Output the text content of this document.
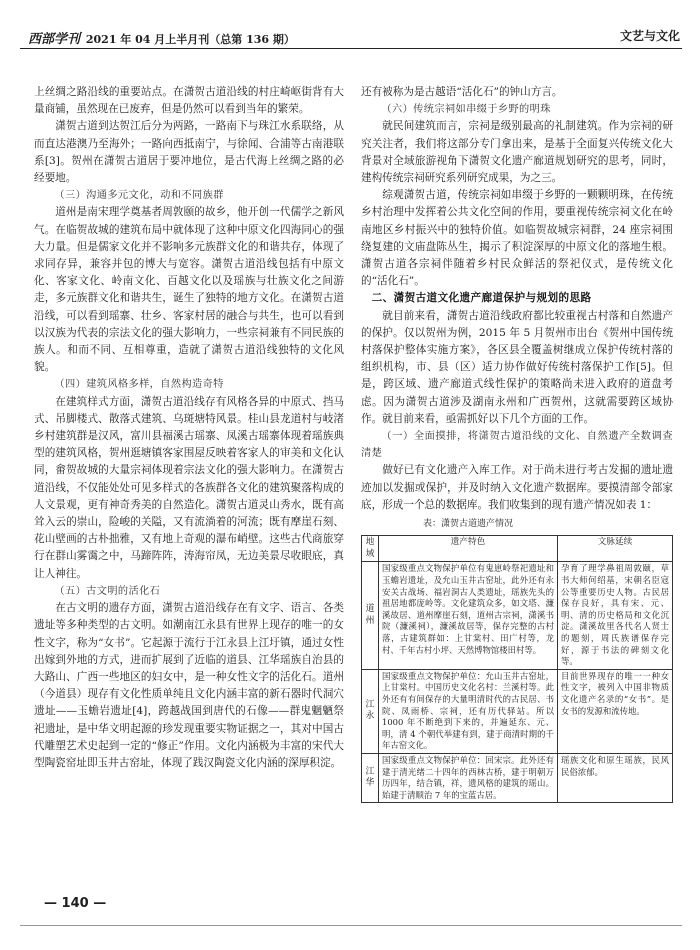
西部学刊 2021 年 04 月上半月刊（总第 136 期）	文艺与文化

上丝绸之路沿线的重要站点。在潇贺古道沿线的村庄崎岖街背有大量商铺，虽然现在已废弃，但是仍然可以看到当年的繁荣。

潇贺古道到达贺江后分为两路，一路南下与珠江水系联络，从而直达港澳乃至海外；一路向西抵南宁，与徐闻、合浦等古南港联系[3]。贺州在潇贺古道居于要冲地位，是古代海上丝绸之路的必经要地。

（三）沟通多元文化，动和不同族群

道州是南宋理学奠基者周敦颐的故乡，他开创一代儒学之新风气。在临贺故城的建筑布局中就体现了这种中原文化四海同心的强大力量。但是儒家文化并不影响多元族群文化的和谐共存，体现了求同存异，兼容并包的博大与宽容。潇贺古道沿线包括有中原文化、客家文化、岭南文化、百越文化以及瑶族与壮族文化之间游走，多元族群文化和谐共生，诞生了独特的地方文化。在潇贺古道沿线，可以看到瑶寨、壮乡、客家村居的融合与共生，也可以看到以汉族为代表的宗法文化的强大影响力，一些宗祠兼有不同民族的族人。和而不同、互相尊重，造就了潇贺古道沿线独特的文化风貌。

（四）建筑风格多样，自然构造奇特

在建筑样式方面，潇贺古道沿线存有风格各异的中原式、挡马式、吊脚楼式、散落式建筑、乌斑塘特风景。桂山县龙道村与岐渚乡村建筑群是汉风，富川县福溪古瑶寨、凤溪古瑶寨体现着瑶族典型的建筑风格，贺州逛塘镇客家围屋反映着客家人的审美和文化认同，畲贺故城的大量宗祠体现着宗法文化的强大影响力。在潇贺古道沿线，不仅能处处可见多样式的各族群各文化的建筑聚落构成的人文景观，更有神奇秀美的自然造化。潇贺古道灵山秀水，既有高耸入云的崇山，险峻的关隘，又有流淌着的河流；既有摩崖石刻、花山壁画的古朴拙雅，又有地上奇观的瀑布峭壁。这些古代商旅穿行在群山雾霭之中，马蹄阵阵，涛海帘凤，无边美景尽收眼底，真让人神往。

（五）古文明的活化石

在古文明的遗存方面，潇贺古道沿线存在有文字、语言、各类遗址等多种类型的古文明。如潮南江永县有世界上现存的唯一的女性文字，称为“女书”。它起源于流行于江永县上江圩镇，通过女性出嫁到外地的方式，进而扩展到了近临的道县、江华瑶族自治县的大路山、广西一些地区的妇女中，是一种女性文字的活化石。道州（今道县）现存有文化性质单纯且文化内涵丰富的新石器时代洞穴遗址——玉蟾岩遗址[4]，跨越战国到唐代的石像——群鬼魍魉祭祀遗址，是中华文明起源的珍发现重要实物证据之一，其对中国古代雕塑艺术史起到一定的“修正”作用。文化内涵极为丰富的宋代大型陶瓷窑址即玉井古窑址，体现了践汉陶瓷文化内涵的深厚积淀。

还有被称为是古越语“活化石”的钟山方言。

（六）传统宗祠如串缀于乡野的明珠

就民间建筑而言，宗祠是级别最高的礼制建筑。作为宗祠的研究关注者，我们将这部分专门拿出来，是基于全面复兴传统文化大背景对全域旅游视角下潇贺文化遗产廊道规划研究的思考，同时，建构传统宗祠研究系列研究成果，为之三。

综观潇贺古道，传统宗祠如串缀于乡野的一颗颗明珠，在传统乡村治理中发挥着公共文化空间的作用，要重视传统宗祠文化在岭南地区乡村振兴中的独特价值。如临贺故城宗祠群，24 座宗祠围绕复建的文庙盘陈丛生，揭示了积淀深厚的中原文化的落地生根。潇贺古道各宗祠伴随着乡村民众鲜活的祭祀仪式，是传统文化的“活化石”。

二、潇贺古道文化遗产廊道保护与规划的思路

就目前来看，潇贺古道沿线政府都比较重视古村落和自然遗产的保护。仅以贺州为例，2015 年 5 月贺州市出台《贺州中国传统村落保护整体实施方案》，各区县全覆盖树继成立保护传统村落的组织机构，市、县（区）适力协作做好传统村落保护工作[5]。但是，跨区域、遗产廊道式线性保护的策略尚未进入政府的道盘考虑。因为潇贺古道涉及湖南永州和广西贺州，这就需要跨区域协作。就目前来看，亟需抓好以下几个方面的工作。

（一）全面摸排，将潇贺古道沿线的文化、自然遗产全数调查清楚

做好已有文化遗产入库工作。对于尚未进行考古发掘的遗址遗迹加以发掘或保护，并及时纳入文化遗产数据库。要摸清部令部家底，形成一个总的数据库。我们收集到的现有遗产情况如表 1：

表：潇贺古道遗产情况
地域	遗产特色	文脉延续
道州	国家级重点文物保护单位有鬼崽岭祭祀遗址和玉蟾岩遗址，及允山玉井古窑址，此外还有永安关古战场、福岩洞古人类遗址，瑶族先头的祖居地都庞岭等。文化建筑众多，如文塔、濂溪故居、道州摩崖石刻，道州古宗祠，潇溪书院（濂溪祠），濂溪故居等，保存完整的古村落，古建筑群如：上甘棠村、田广村等，龙村、千年古村小坪、天然博物馆楼田村等。	孕育了理学鼻祖周敦颐，草书大师何绍基，宋朝名臣寇公等重要历史人物。古民居保存良好，具有宋、元、明、清的历史格局和文化沉淀。潇溪故里各代名人贤士的题刻，周氏族谱保存完好，源于书法的碑刻文化等。
江永	国家级重点文物保护单位：允山玉井古窑址，上甘棠村。中国历史文化名村：兰溪村等。此外还有有间保存的大量明清时代的古民居、书院、凤雨桥、宗祠，还有历代驿站。所以 1000 年不断绝到下来的，并遍延东、元、明，清 4 个朝代举建有到，建于商清时期的千年古窑文化。	目前世界现存的唯一一种女性文字，被列入中国非物质文化遗产名录的“女书”。是女书的发源和流传地。
江华	国家级重点文物保护单位：回宋宗。此外还有建于清光绪二十四年的西林古桥，建于明朝万历四年，结合镇，祥，遗风格的建筑的瑶山。始建于清顺治 7 年的宝蓝古居。	瑶族文化和原生瑶族，民风民俗浓郁。
— 140 —
